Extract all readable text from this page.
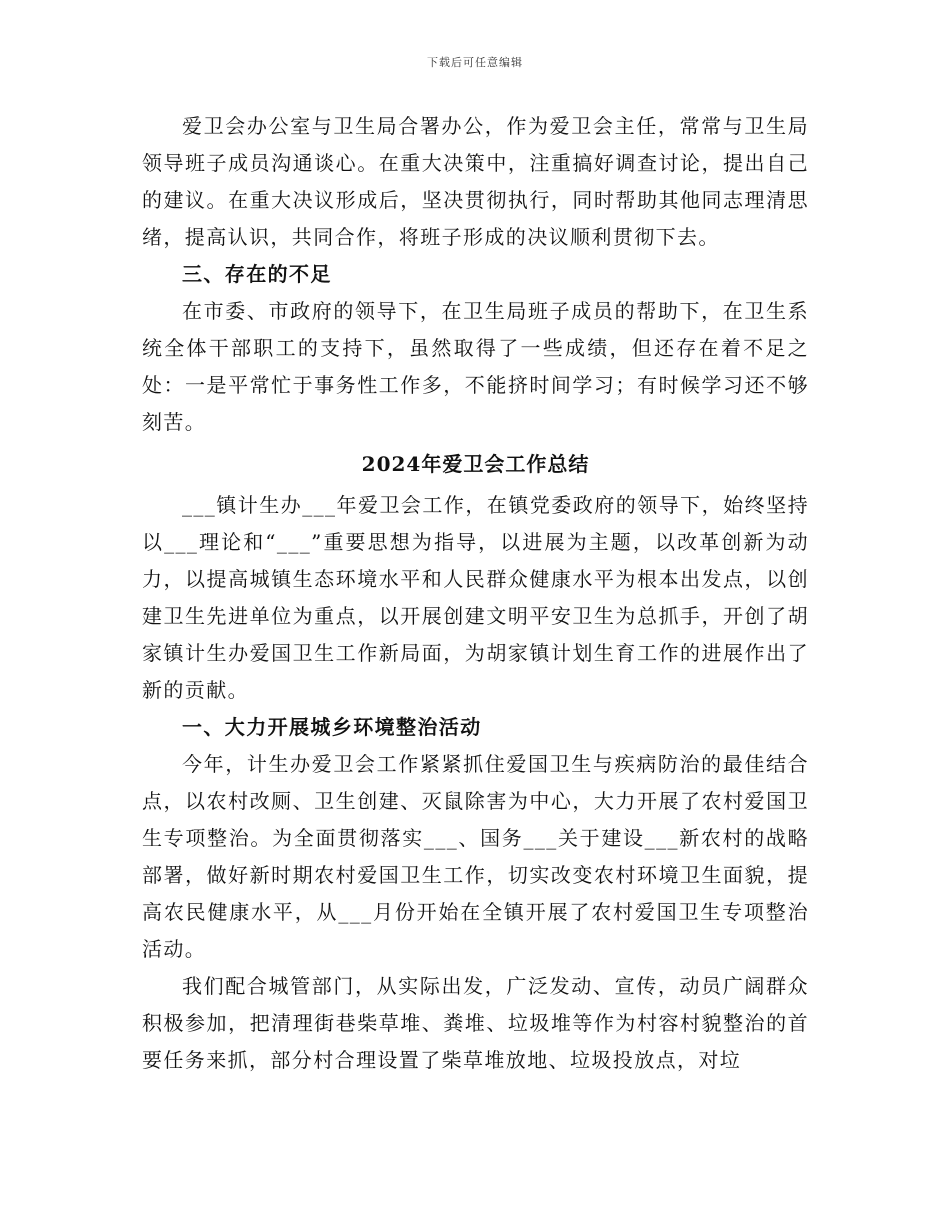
下载后可任意编辑

爱卫会办公室与卫生局合署办公，作为爱卫会主任，常常与卫生局领导班子成员沟通谈心。在重大决策中，注重搞好调查讨论，提出自己的建议。在重大决议形成后，坚决贯彻执行，同时帮助其他同志理清思绪，提高认识，共同合作，将班子形成的决议顺利贯彻下去。

三、存在的不足

在市委、市政府的领导下，在卫生局班子成员的帮助下，在卫生系统全体干部职工的支持下，虽然取得了一些成绩，但还存在着不足之处：一是平常忙于事务性工作多，不能挤时间学习；有时候学习还不够刻苦。

2024年爱卫会工作总结

___镇计生办___年爱卫会工作，在镇党委政府的领导下，始终坚持以___理论和“___”重要思想为指导，以进展为主题，以改革创新为动力，以提高城镇生态环境水平和人民群众健康水平为根本出发点，以创建卫生先进单位为重点，以开展创建文明平安卫生为总抓手，开创了胡家镇计生办爱国卫生工作新局面，为胡家镇计划生育工作的进展作出了新的贡献。

一、大力开展城乡环境整治活动

今年，计生办爱卫会工作紧紧抓住爱国卫生与疾病防治的最佳结合点，以农村改厕、卫生创建、灭鼠除害为中心，大力开展了农村爱国卫生专项整治。为全面贯彻落实___、国务___关于建设___新农村的战略部署，做好新时期农村爱国卫生工作，切实改变农村环境卫生面貌，提高农民健康水平，从___月份开始在全镇开展了农村爱国卫生专项整治活动。

我们配合城管部门，从实际出发，广泛发动、宣传，动员广阔群众积极参加，把清理街巷柴草堆、粪堆、垃圾堆等作为村容村貌整治的首要任务来抓，部分村合理设置了柴草堆放地、垃圾投放点，对垃
